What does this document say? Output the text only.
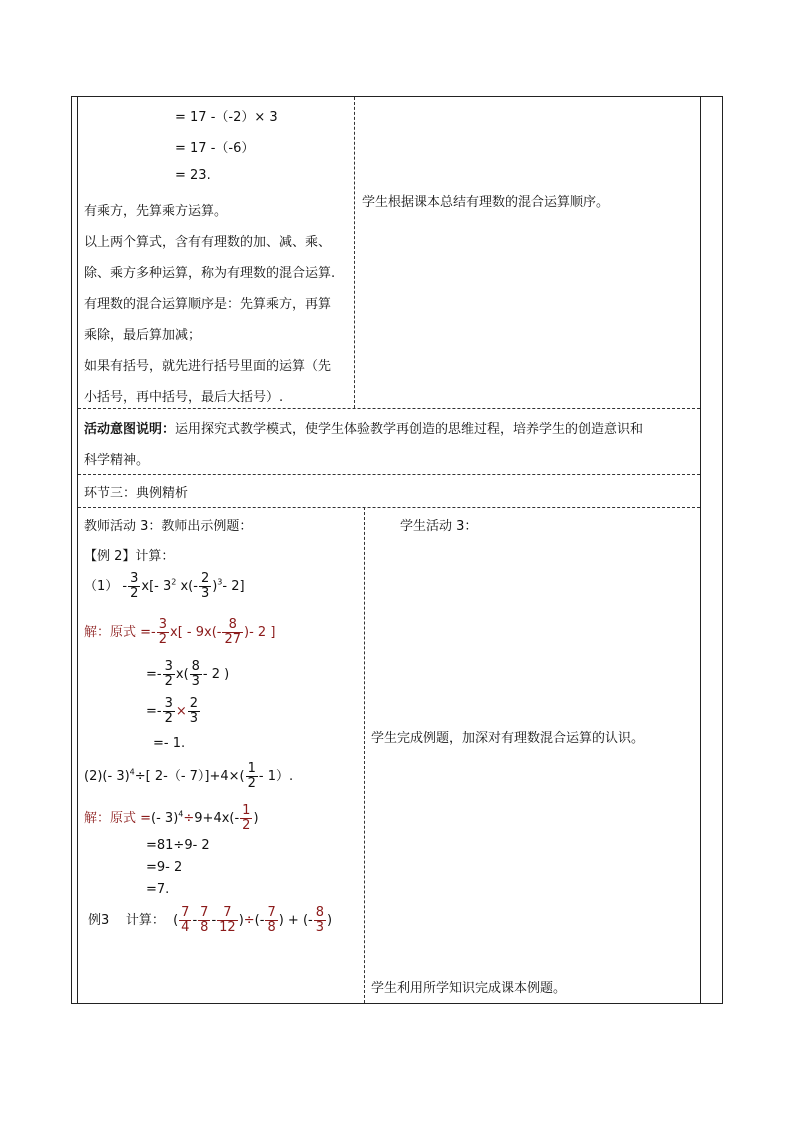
= 17 -（-2）× 3
= 17 -（-6）
= 23.
有乘方，先算乘方运算。
以上两个算式，含有有理数的加、减、乘、
除、乘方多种运算，称为有理数的混合运算.
有理数的混合运算顺序是：先算乘方，再算
乘除，最后算加减；
如果有括号，就先进行括号里面的运算（先
小括号，再中括号，最后大括号）.
学生根据课本总结有理数的混合运算顺序。
活动意图说明：运用探究式教学模式，使学生体验教学再创造的思维过程，培养学生的创造意识和
科学精神。
环节三：典例精析
教师活动 3：教师出示例题：
【例 2】计算：
$(1) - \frac{3}{2} x[-$ $3^2$ $x(- \frac{2}{3} )^3-$ 2]
解：原式 =- $\frac{3}{2} x[ - 9x(- \frac{8}{27}$ )- 2 ]
=- $\frac{3}{2} x( \frac{8}{3} - 2$ )
=- $\frac{3}{2} \times \frac{2}{3}$
=- 1.
(2)(- 3)$^4$÷[ 2-（- $7)]+4\times( \frac{1}{2} - 1)$.
解：原式 =(- $3)^4\div 9+4x(- \frac{1}{2}$ )
=81÷9- 2
=9- 2
=7.
例3 计算：  ( $\frac{7}{4} - \frac{7}{8} - \frac{7}{12}$ )÷(- $\frac{7}{8}$ ) + (- $\frac{8}{3}$ )
学生活动 3：
学生完成例题，加深对有理数混合运算的认识。
学生利用所学知识完成课本例题。
